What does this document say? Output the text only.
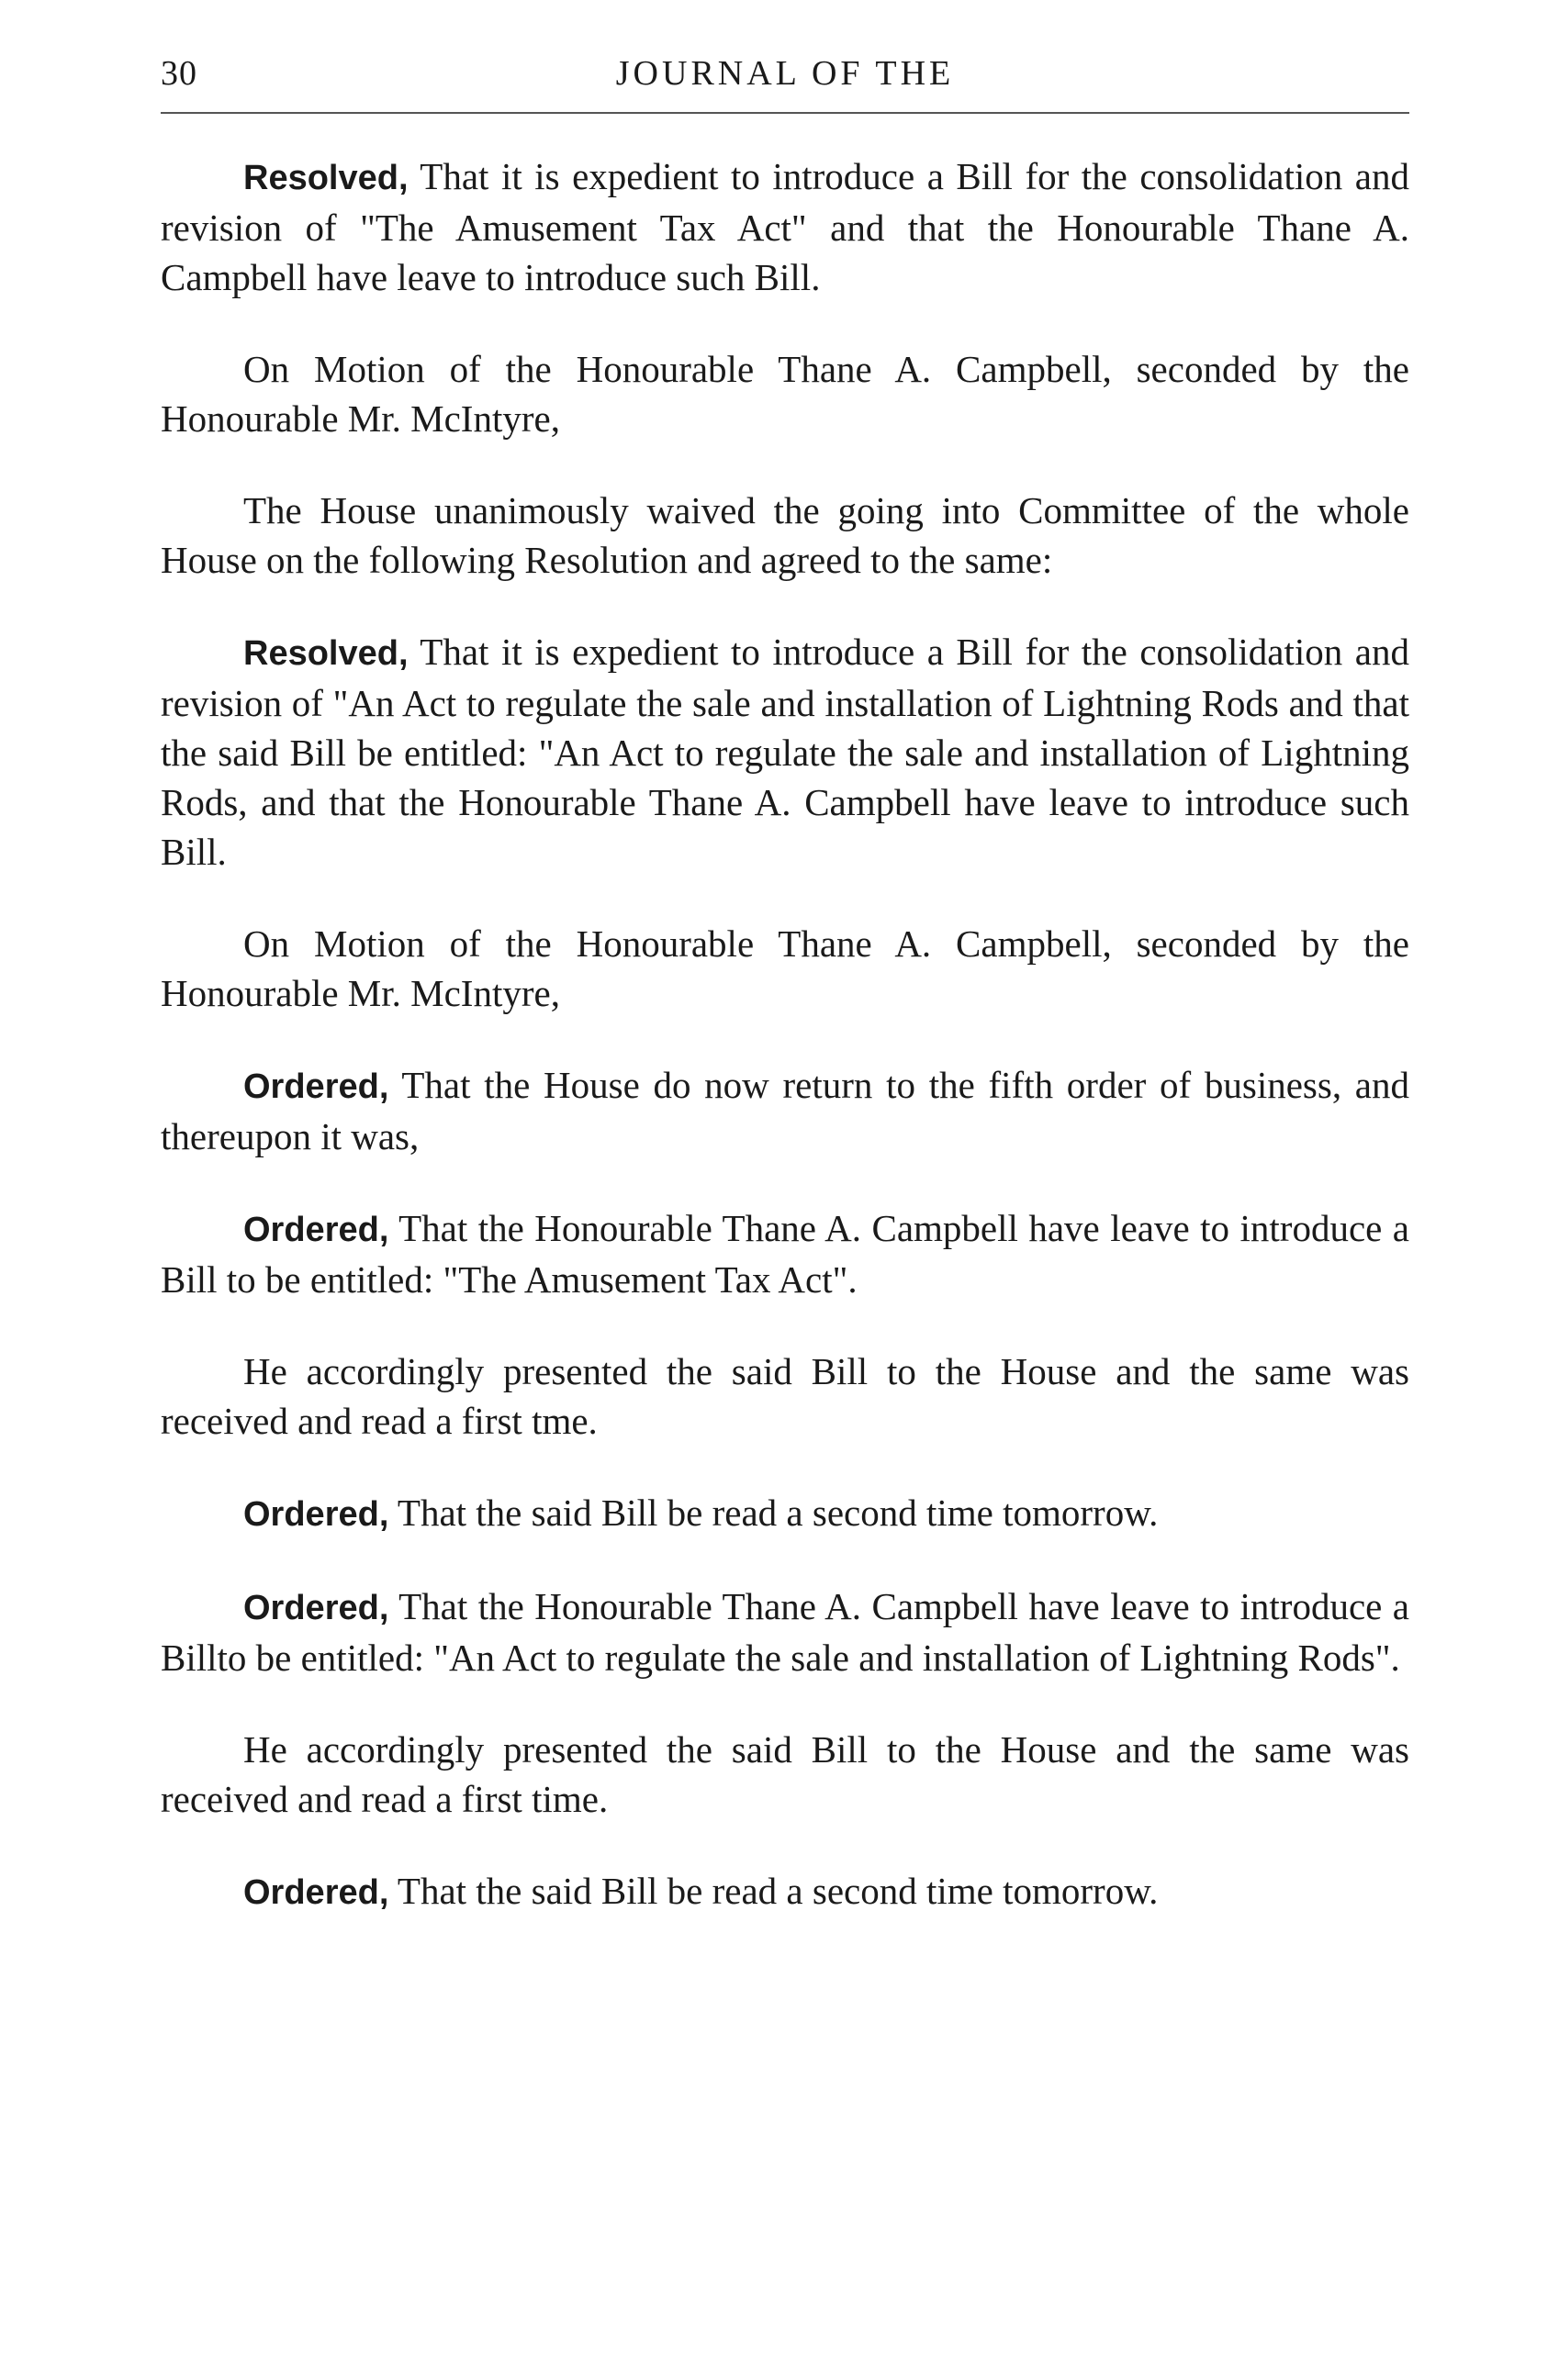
30	JOURNAL OF THE

Resolved, That it is expedient to introduce a Bill for the consolidation and revision of "The Amusement Tax Act" and that the Honourable Thane A. Campbell have leave to introduce such Bill.

On Motion of the Honourable Thane A. Campbell, seconded by the Honourable Mr. McIntyre,

The House unanimously waived the going into Committee of the whole House on the following Resolution and agreed to the same:

Resolved, That it is expedient to introduce a Bill for the consolidation and revision of "An Act to regulate the sale and installation of Lightning Rods and that the said Bill be entitled: "An Act to regulate the sale and installation of Lightning Rods, and that the Honourable Thane A. Campbell have leave to introduce such Bill.

On Motion of the Honourable Thane A. Campbell, seconded by the Honourable Mr. McIntyre,

Ordered, That the House do now return to the fifth order of business, and thereupon it was,

Ordered, That the Honourable Thane A. Campbell have leave to introduce a Bill to be entitled: "The Amusement Tax Act".

He accordingly presented the said Bill to the House and the same was received and read a first tme.

Ordered, That the said Bill be read a second time tomorrow.

Ordered, That the Honourable Thane A. Campbell have leave to introduce a Billto be entitled: "An Act to regulate the sale and installation of Lightning Rods".

He accordingly presented the said Bill to the House and the same was received and read a first time.

Ordered, That the said Bill be read a second time tomorrow.
